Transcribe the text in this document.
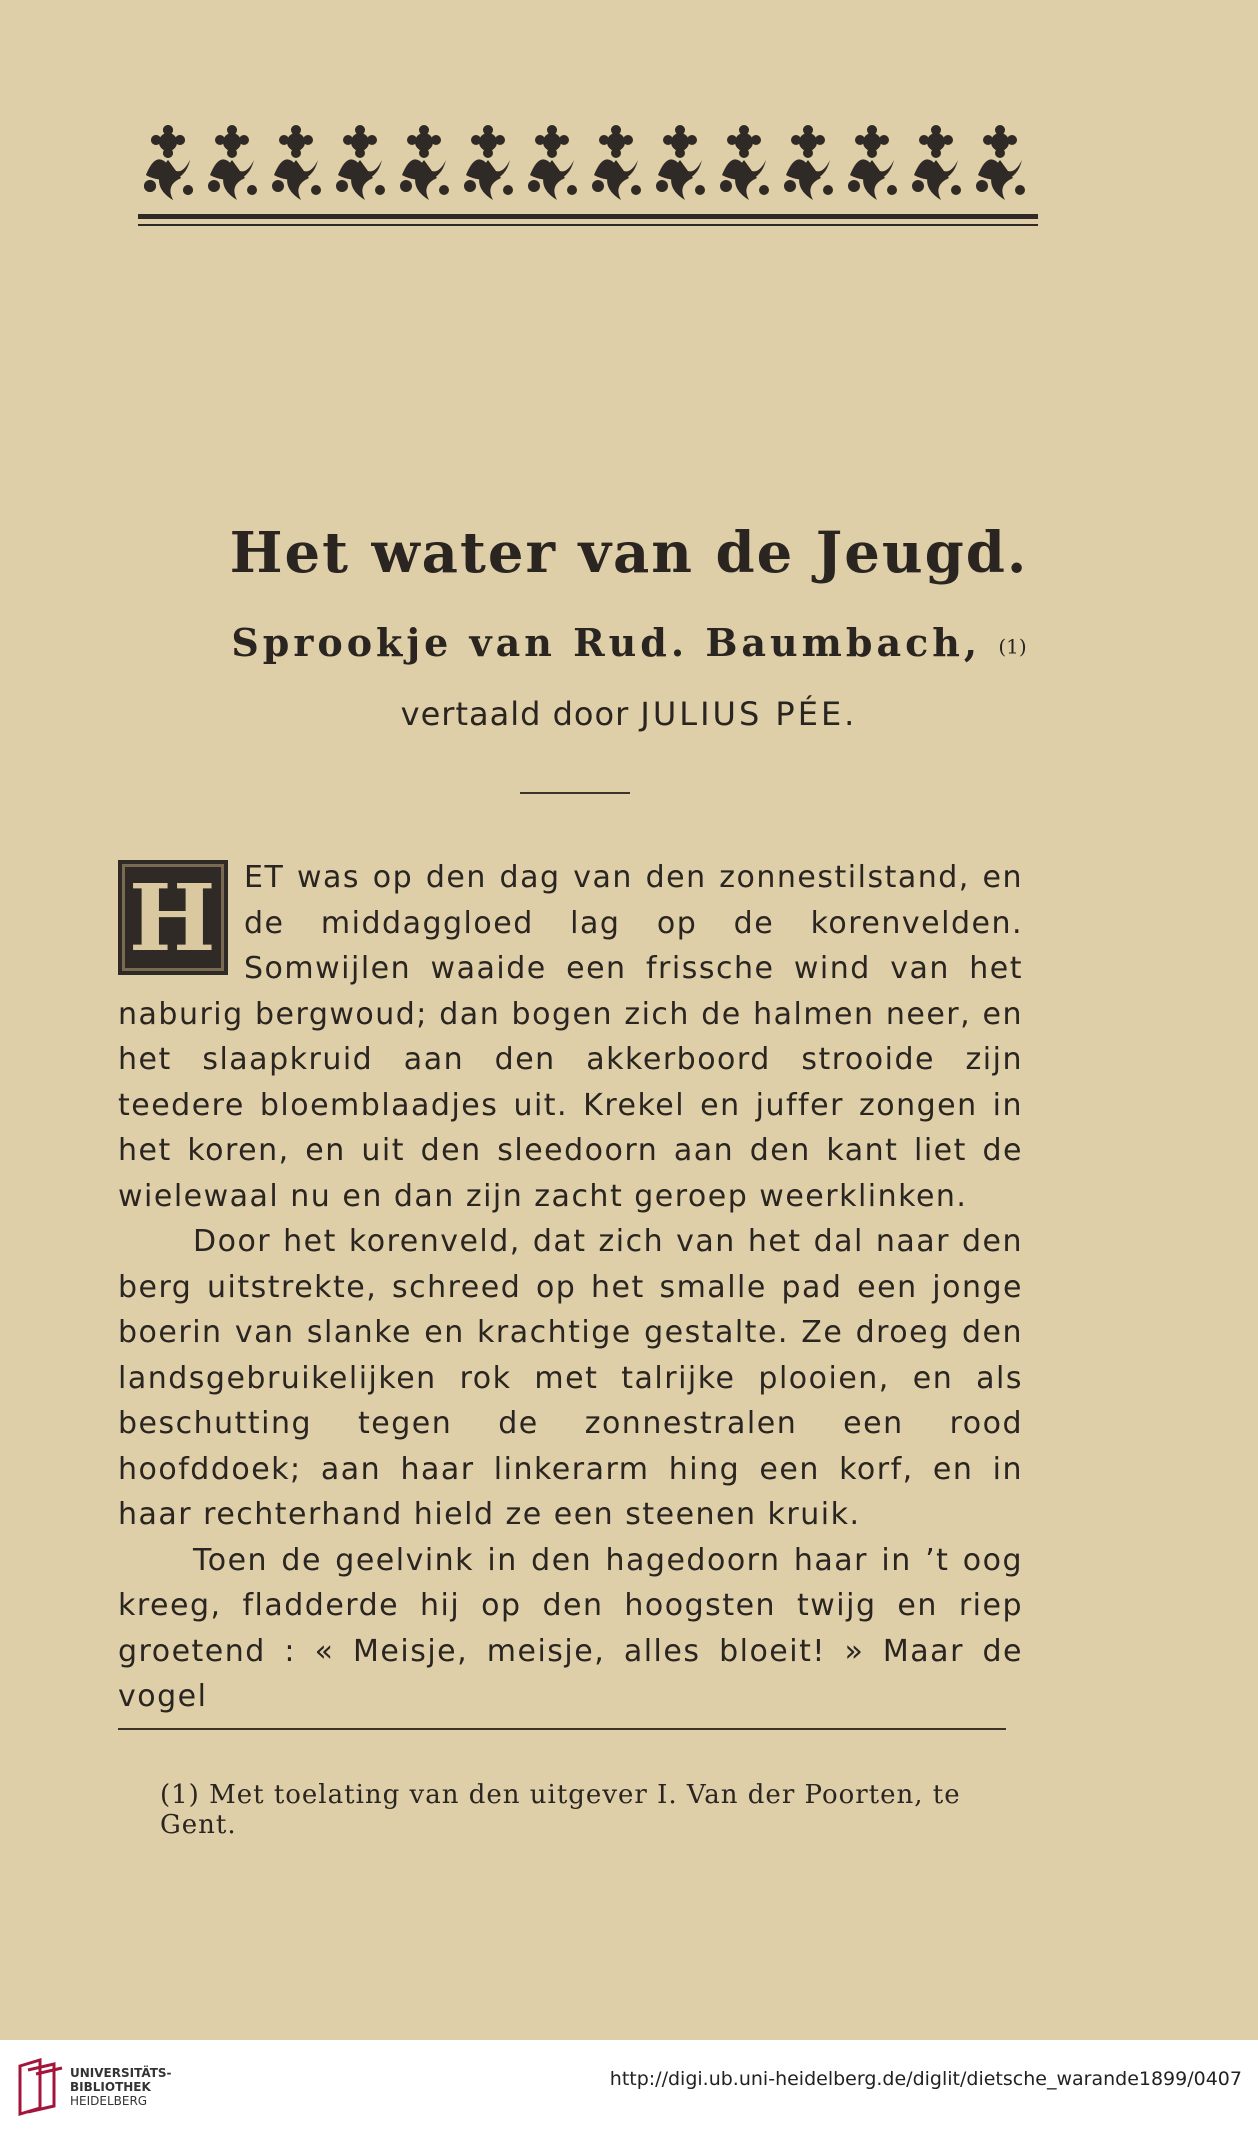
Het water van de Jeugd.
Sprookje van Rud. Baumbach, (1)
vertaald door JULIUS PÉE.

H ET was op den dag van den zonnestilstand, en de middaggloed lag op de korenvelden. Somwijlen waaide een frissche wind van het naburig bergwoud; dan bogen zich de halmen neer, en het slaapkruid aan den akkerboord strooide zijn teedere bloemblaadjes uit. Krekel en juffer zongen in het koren, en uit den sleedoorn aan den kant liet de wielewaal nu en dan zijn zacht geroep weerklinken.

Door het korenveld, dat zich van het dal naar den berg uitstrekte, schreed op het smalle pad een jonge boerin van slanke en krachtige gestalte. Ze droeg den landsgebruikelijken rok met talrijke plooien, en als beschutting tegen de zonnestralen een rood hoofddoek; aan haar linkerarm hing een korf, en in haar rechterhand hield ze een steenen kruik.

Toen de geelvink in den hagedoorn haar in ’t oog kreeg, fladderde hij op den hoogsten twijg en riep groetend : « Meisje, meisje, alles bloeit! » Maar de vogel

(1) Met toelating van den uitgever I. Van der Poorten, te Gent.
UNIVERSITÄTS-
BIBLIOTHEK
HEIDELBERG
http://digi.ub.uni-heidelberg.de/diglit/dietsche_warande1899/0407
